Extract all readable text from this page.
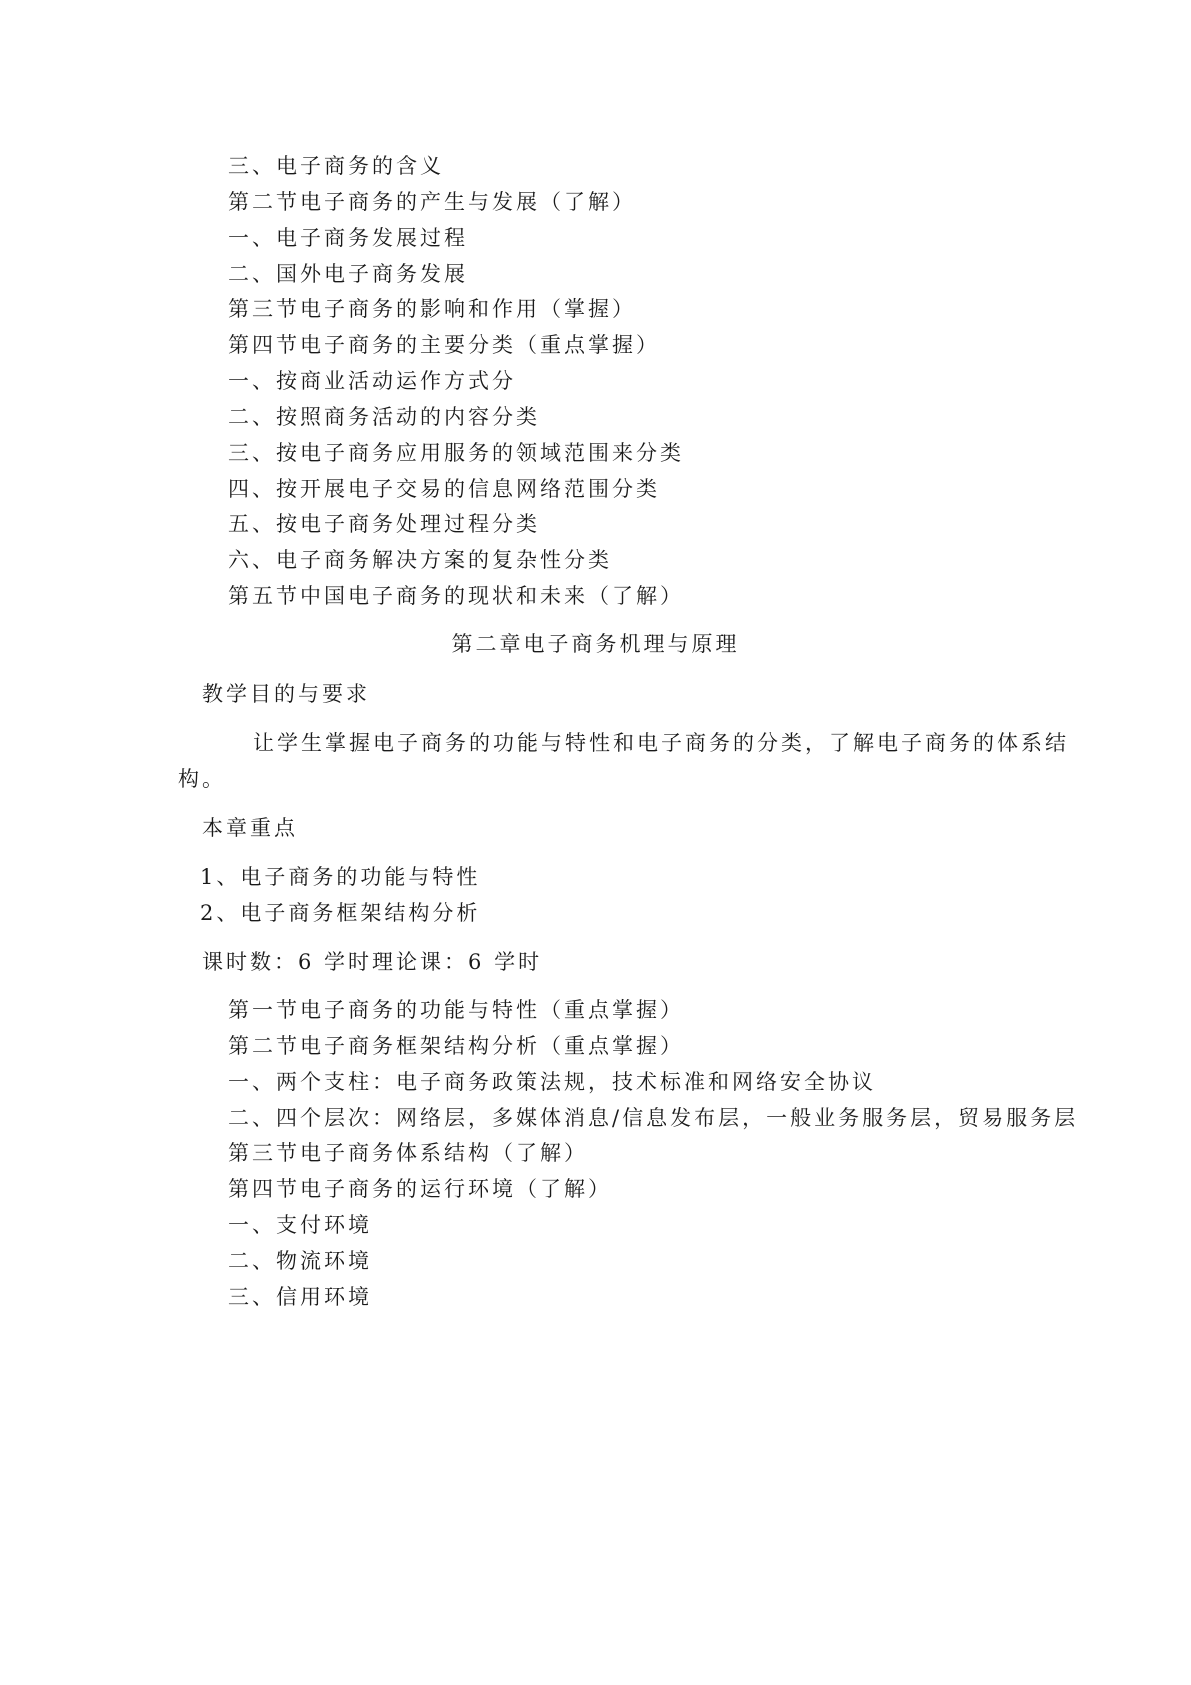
三、电子商务的含义
第二节电子商务的产生与发展（了解）
一、电子商务发展过程
二、国外电子商务发展
第三节电子商务的影响和作用（掌握）
第四节电子商务的主要分类（重点掌握）
一、按商业活动运作方式分
二、按照商务活动的内容分类
三、按电子商务应用服务的领域范围来分类
四、按开展电子交易的信息网络范围分类
五、按电子商务处理过程分类
六、电子商务解决方案的复杂性分类
第五节中国电子商务的现状和未来（了解）
第二章电子商务机理与原理
教学目的与要求
让学生掌握电子商务的功能与特性和电子商务的分类，了解电子商务的体系结
构。
本章重点
1、电子商务的功能与特性
2、电子商务框架结构分析
课时数：6 学时理论课：6 学时
第一节电子商务的功能与特性（重点掌握）
第二节电子商务框架结构分析（重点掌握）
一、两个支柱：电子商务政策法规，技术标准和网络安全协议
二、四个层次：网络层，多媒体消息/信息发布层，一般业务服务层，贸易服务层
第三节电子商务体系结构（了解）
第四节电子商务的运行环境（了解）
一、支付环境
二、物流环境
三、信用环境
